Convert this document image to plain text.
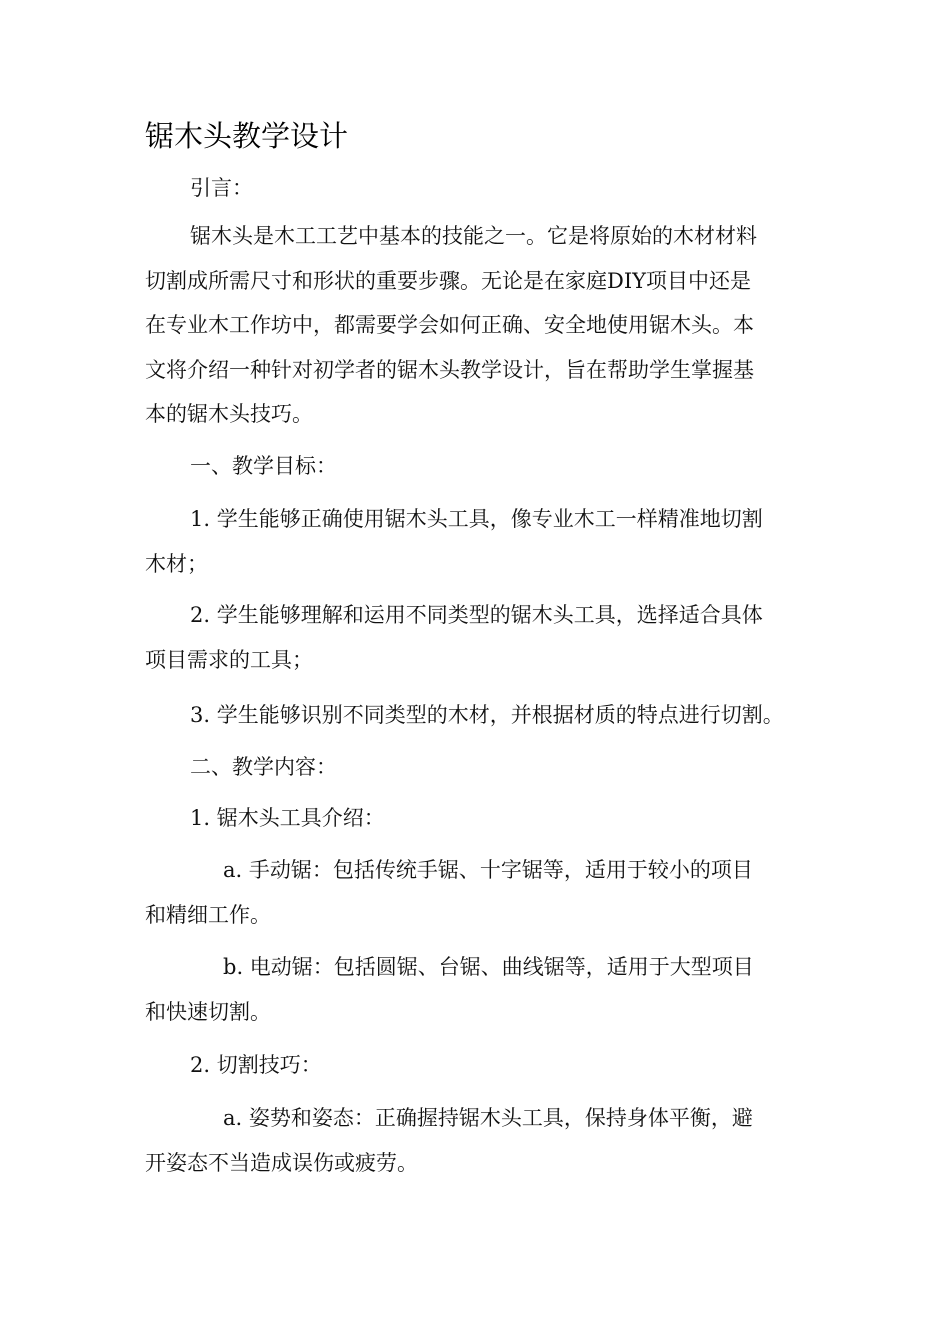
锯木头教学设计

引言：

锯木头是木工工艺中基本的技能之一。它是将原始的木材材料
切割成所需尺寸和形状的重要步骤。无论是在家庭DIY项目中还是
在专业木工作坊中，都需要学会如何正确、安全地使用锯木头。本
文将介绍一种针对初学者的锯木头教学设计，旨在帮助学生掌握基
本的锯木头技巧。

一、教学目标：

1. 学生能够正确使用锯木头工具，像专业木工一样精准地切割
木材；

2. 学生能够理解和运用不同类型的锯木头工具，选择适合具体
项目需求的工具；

3. 学生能够识别不同类型的木材，并根据材质的特点进行切割。

二、教学内容：

1. 锯木头工具介绍：

a. 手动锯：包括传统手锯、十字锯等，适用于较小的项目
和精细工作。

b. 电动锯：包括圆锯、台锯、曲线锯等，适用于大型项目
和快速切割。

2. 切割技巧：

a. 姿势和姿态：正确握持锯木头工具，保持身体平衡，避
开姿态不当造成误伤或疲劳。
